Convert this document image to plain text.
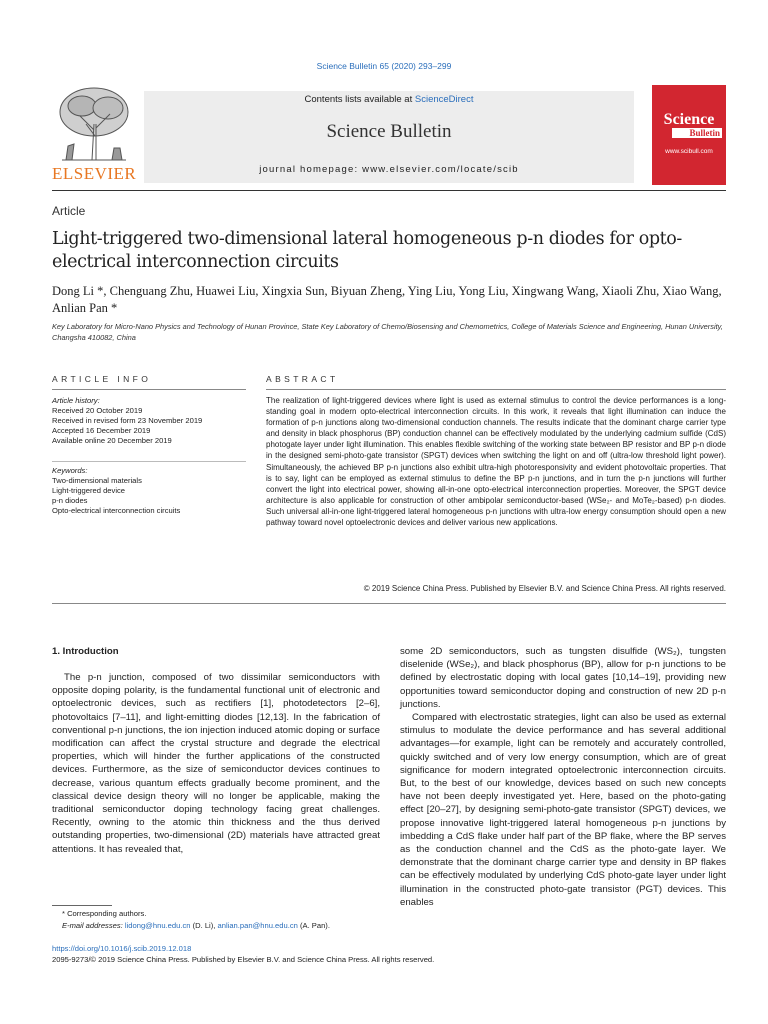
Science Bulletin 65 (2020) 293–299
ELSEVIER
Contents lists available at ScienceDirect
Science Bulletin
journal homepage: www.elsevier.com/locate/scib
Science
Bulletin
www.scibull.com
Article
Light-triggered two-dimensional lateral homogeneous p-n diodes for opto-electrical interconnection circuits
Dong Li *, Chenguang Zhu, Huawei Liu, Xingxia Sun, Biyuan Zheng, Ying Liu, Yong Liu, Xingwang Wang, Xiaoli Zhu, Xiao Wang, Anlian Pan *
Key Laboratory for Micro-Nano Physics and Technology of Hunan Province, State Key Laboratory of Chemo/Biosensing and Chemometrics, College of Materials Science and Engineering, Hunan University, Changsha 410082, China
ARTICLE INFO	ABSTRACT
Article history:
Received 20 October 2019
Received in revised form 23 November 2019
Accepted 16 December 2019
Available online 20 December 2019
Keywords:
Two-dimensional materials
Light-triggered device
p-n diodes
Opto-electrical interconnection circuits
The realization of light-triggered devices where light is used as external stimulus to control the device performances is a long-standing goal in modern opto-electrical interconnection circuits. In this work, it reveals that light illumination can induce the formation of p-n junctions along two-dimensional conduction channels. The results indicate that the dominant charge carrier type and density in black phosphorus (BP) conduction channel can be effectively modulated by the underlying cadmium sulfide (CdS) photogate layer under light illumination. This enables flexible switching of the working state between BP resistor and BP p-n diode in the designed semi-photo-gate transistor (SPGT) devices when switching the light on and off (ultra-low threshold light power). Simultaneously, the achieved BP p-n junctions also exhibit ultra-high photoresponsivity and evident photovoltaic properties. That is to say, light can be employed as external stimulus to define the BP p-n junctions, and in turn the p-n junctions will further convert the light into electrical power, showing all-in-one opto-electrical interconnection properties. Moreover, the SPGT device architecture is also applicable for construction of other ambipolar semiconductor-based (WSe₂- and MoTe₂-based) p-n diodes. Such universal all-in-one light-triggered lateral homogeneous p-n junctions with ultra-low energy consumption should open a new pathway toward novel optoelectronic devices and deliver various new applications.
© 2019 Science China Press. Published by Elsevier B.V. and Science China Press. All rights reserved.
1. Introduction
The p-n junction, composed of two dissimilar semiconductors with opposite doping polarity, is the fundamental functional unit of electronic and optoelectronic devices, such as rectifiers [1], photodetectors [2–6], photovoltaics [7–11], and light-emitting diodes [12,13]. In the fabrication of conventional p-n junctions, the ion injection induced atomic doping or surface modification can affect the crystal structure and degrade the electrical properties, which will hinder the further applications of the constructed devices. Furthermore, as the size of semiconductor devices continues to decrease, various quantum effects gradually become prominent, and the classical device design theory will no longer be applicable, making the traditional semiconductor doping technology facing great challenges. Recently, owning to the atomic thin thickness and the thus derived outstanding properties, two-dimensional (2D) materials have attracted great attentions. It has revealed that,

some 2D semiconductors, such as tungsten disulfide (WS₂), tungsten diselenide (WSe₂), and black phosphorus (BP), allow for p-n junctions to be defined by electrostatic doping with local gates [10,14–19], providing new opportunities toward semiconductor doping and construction of new 2D p-n junctions.

Compared with electrostatic strategies, light can also be used as external stimulus to modulate the device performance and has several additional advantages—for example, light can be remotely and accurately controlled, quickly switched and of very low energy consumption, which are of great significance for modern integrated optoelectronic interconnection circuits. But, to the best of our knowledge, devices based on such new concepts have not been deeply investigated yet. Here, based on the photo-gating effect [20–27], by designing semi-photo-gate transistor (SPGT) devices, we propose innovative light-triggered lateral homogeneous p-n junctions by imbedding a CdS flake under half part of the BP flake, where the BP serves as the conduction channel and the CdS as the photo-gate layer. We demonstrate that the dominant charge carrier type and density in BP flakes can be effectively modulated by underlying CdS photo-gate layer under light illumination in the constructed photo-gate transistor (PGT) devices. This enables

* Corresponding authors.
E-mail addresses: lidong@hnu.edu.cn (D. Li), anlian.pan@hnu.edu.cn (A. Pan).
https://doi.org/10.1016/j.scib.2019.12.018
2095-9273/© 2019 Science China Press. Published by Elsevier B.V. and Science China Press. All rights reserved.
